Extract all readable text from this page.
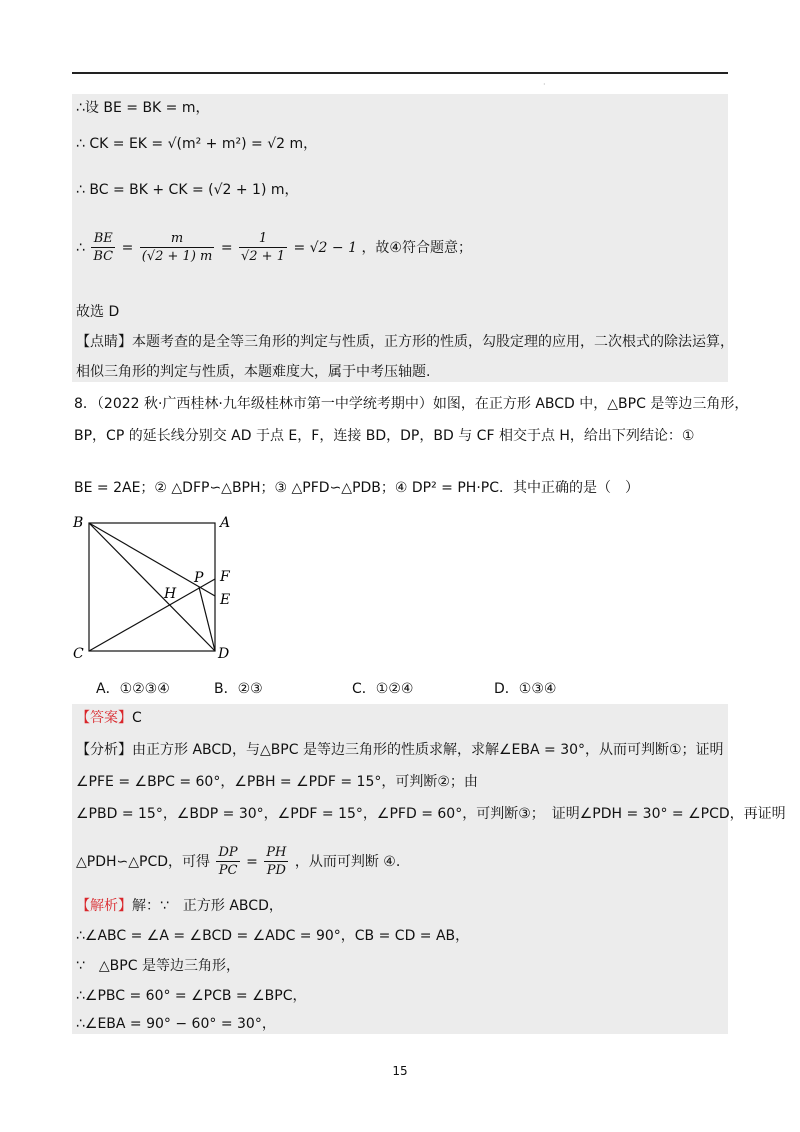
·
∴设 BE = BK = m，
∴ CK = EK = √(m² + m²) = √2 m，
∴ BC = BK + CK = (√2 + 1) m，
∴ $\frac{BE}{BC} = \frac{m}{(√2 + 1) m} = \frac{1}{√2 + 1} = √2 - 1$ ，故④符合题意；
故选 D
【点睛】本题考查的是全等三角形的判定与性质，正方形的性质，勾股定理的应用，二次根式的除法运算，
相似三角形的判定与性质，本题难度大，属于中考压轴题.
8．（2022 秋·广西桂林·九年级桂林市第一中学统考期中）如图，在正方形 ABCD 中，△BPC 是等边三角形，
BP，CP 的延长线分别交 AD 于点 E，F，连接 BD，DP，BD 与 CF 相交于点 H，给出下列结论：①
BE = 2AE；② △DFP∽△BPH；③ △PFD∽△PDB；④ DP² = PH·PC．其中正确的是（　）
B	A
C	D
P F
E
H
A．①②③④	B．②③	C．①②④	D．①③④
【答案】C
【分析】由正方形 ABCD，与△BPC 是等边三角形的性质求解，求解∠EBA = 30°，从而可判断①；证明
∠PFE = ∠BPC = 60°，∠PBH = ∠PDF = 15°，可判断②；由
∠PBD = 15°，∠BDP = 30°，∠PDF = 15°，∠PFD = 60°，可判断③；　证明∠PDH = 30° = ∠PCD，再证明
△PDH∽△PCD，可得 $\frac{DP}{PC} = \frac{PH}{PD}$ ，从而可判断 ④.
【解析】解：∵　正方形 ABCD，
∴∠ABC = ∠A = ∠BCD = ∠ADC = 90°，CB = CD = AB，
∵　△BPC 是等边三角形，
∴∠PBC = 60° = ∠PCB = ∠BPC，
∴∠EBA = 90° − 60° = 30°，
15
